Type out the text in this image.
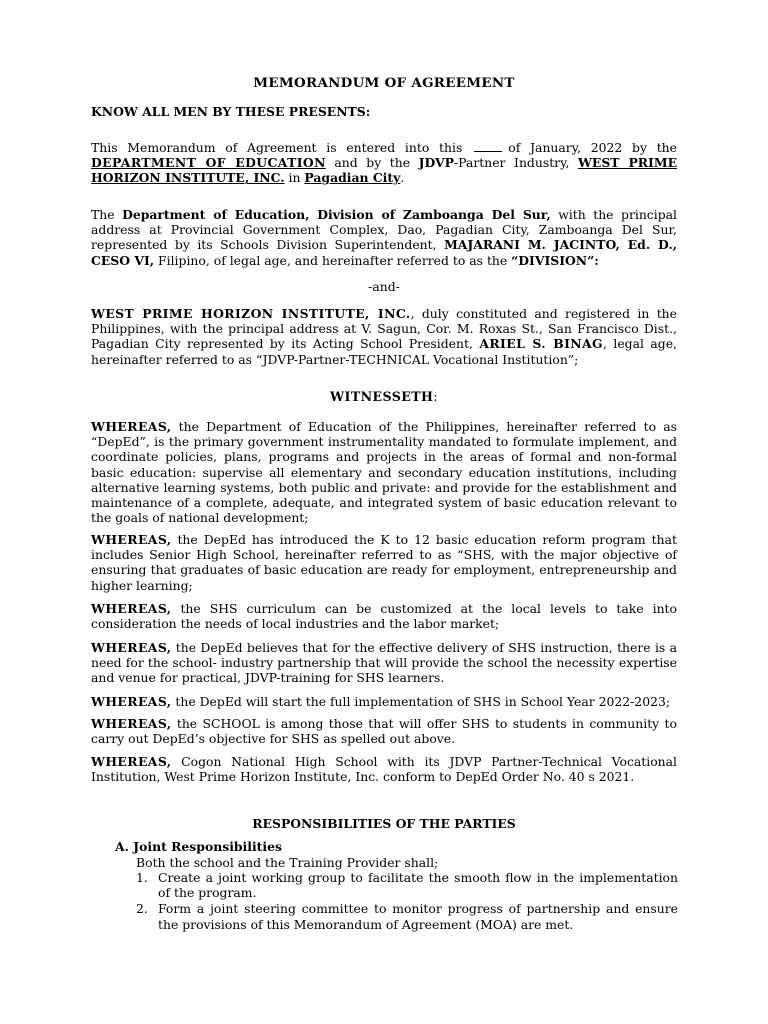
MEMORANDUM OF AGREEMENT

KNOW ALL MEN BY THESE PRESENTS:

This Memorandum of Agreement is entered into this	of January, 2022 by the DEPARTMENT OF EDUCATION and by the JDVP-Partner Industry, WEST PRIME HORIZON INSTITUTE, INC. in Pagadian City.

The Department of Education, Division of Zamboanga Del Sur, with the principal address at Provincial Government Complex, Dao, Pagadian City, Zamboanga Del Sur, represented by its Schools Division Superintendent, MAJARANI M. JACINTO, Ed. D., CESO VI, Filipino, of legal age, and hereinafter referred to as the “DIVISION”:

-and-

WEST PRIME HORIZON INSTITUTE, INC., duly constituted and registered in the Philippines, with the principal address at V. Sagun, Cor. M. Roxas St., San Francisco Dist., Pagadian City represented by its Acting School President, ARIEL S. BINAG, legal age, hereinafter referred to as “JDVP-Partner-TECHNICAL Vocational Institution”;

WITNESSETH:

WHEREAS, the Department of Education of the Philippines, hereinafter referred to as “DepEd”, is the primary government instrumentality mandated to formulate implement, and coordinate policies, plans, programs and projects in the areas of formal and non-formal basic education: supervise all elementary and secondary education institutions, including alternative learning systems, both public and private: and provide for the establishment and maintenance of a complete, adequate, and integrated system of basic education relevant to the goals of national development;

WHEREAS, the DepEd has introduced the K to 12 basic education reform program that includes Senior High School, hereinafter referred to as “SHS, with the major objective of ensuring that graduates of basic education are ready for employment, entrepreneurship and higher learning;

WHEREAS, the SHS curriculum can be customized at the local levels to take into consideration the needs of local industries and the labor market;

WHEREAS, the DepEd believes that for the effective delivery of SHS instruction, there is a need for the school- industry partnership that will provide the school the necessity expertise and venue for practical, JDVP-training for SHS learners.

WHEREAS, the DepEd will start the full implementation of SHS in School Year 2022-2023;

WHEREAS, the SCHOOL is among those that will offer SHS to students in community to carry out DepEd’s objective for SHS as spelled out above.

WHEREAS, Cogon National High School with its JDVP Partner-Technical Vocational Institution, West Prime Horizon Institute, Inc. conform to DepEd Order No. 40 s 2021.

RESPONSIBILITIES OF THE PARTIES

A. Joint Responsibilities

Both the school and the Training Provider shall;

1. Create a joint working group to facilitate the smooth flow in the implementation of the program.
2. Form a joint steering committee to monitor progress of partnership and ensure the provisions of this Memorandum of Agreement (MOA) are met.
